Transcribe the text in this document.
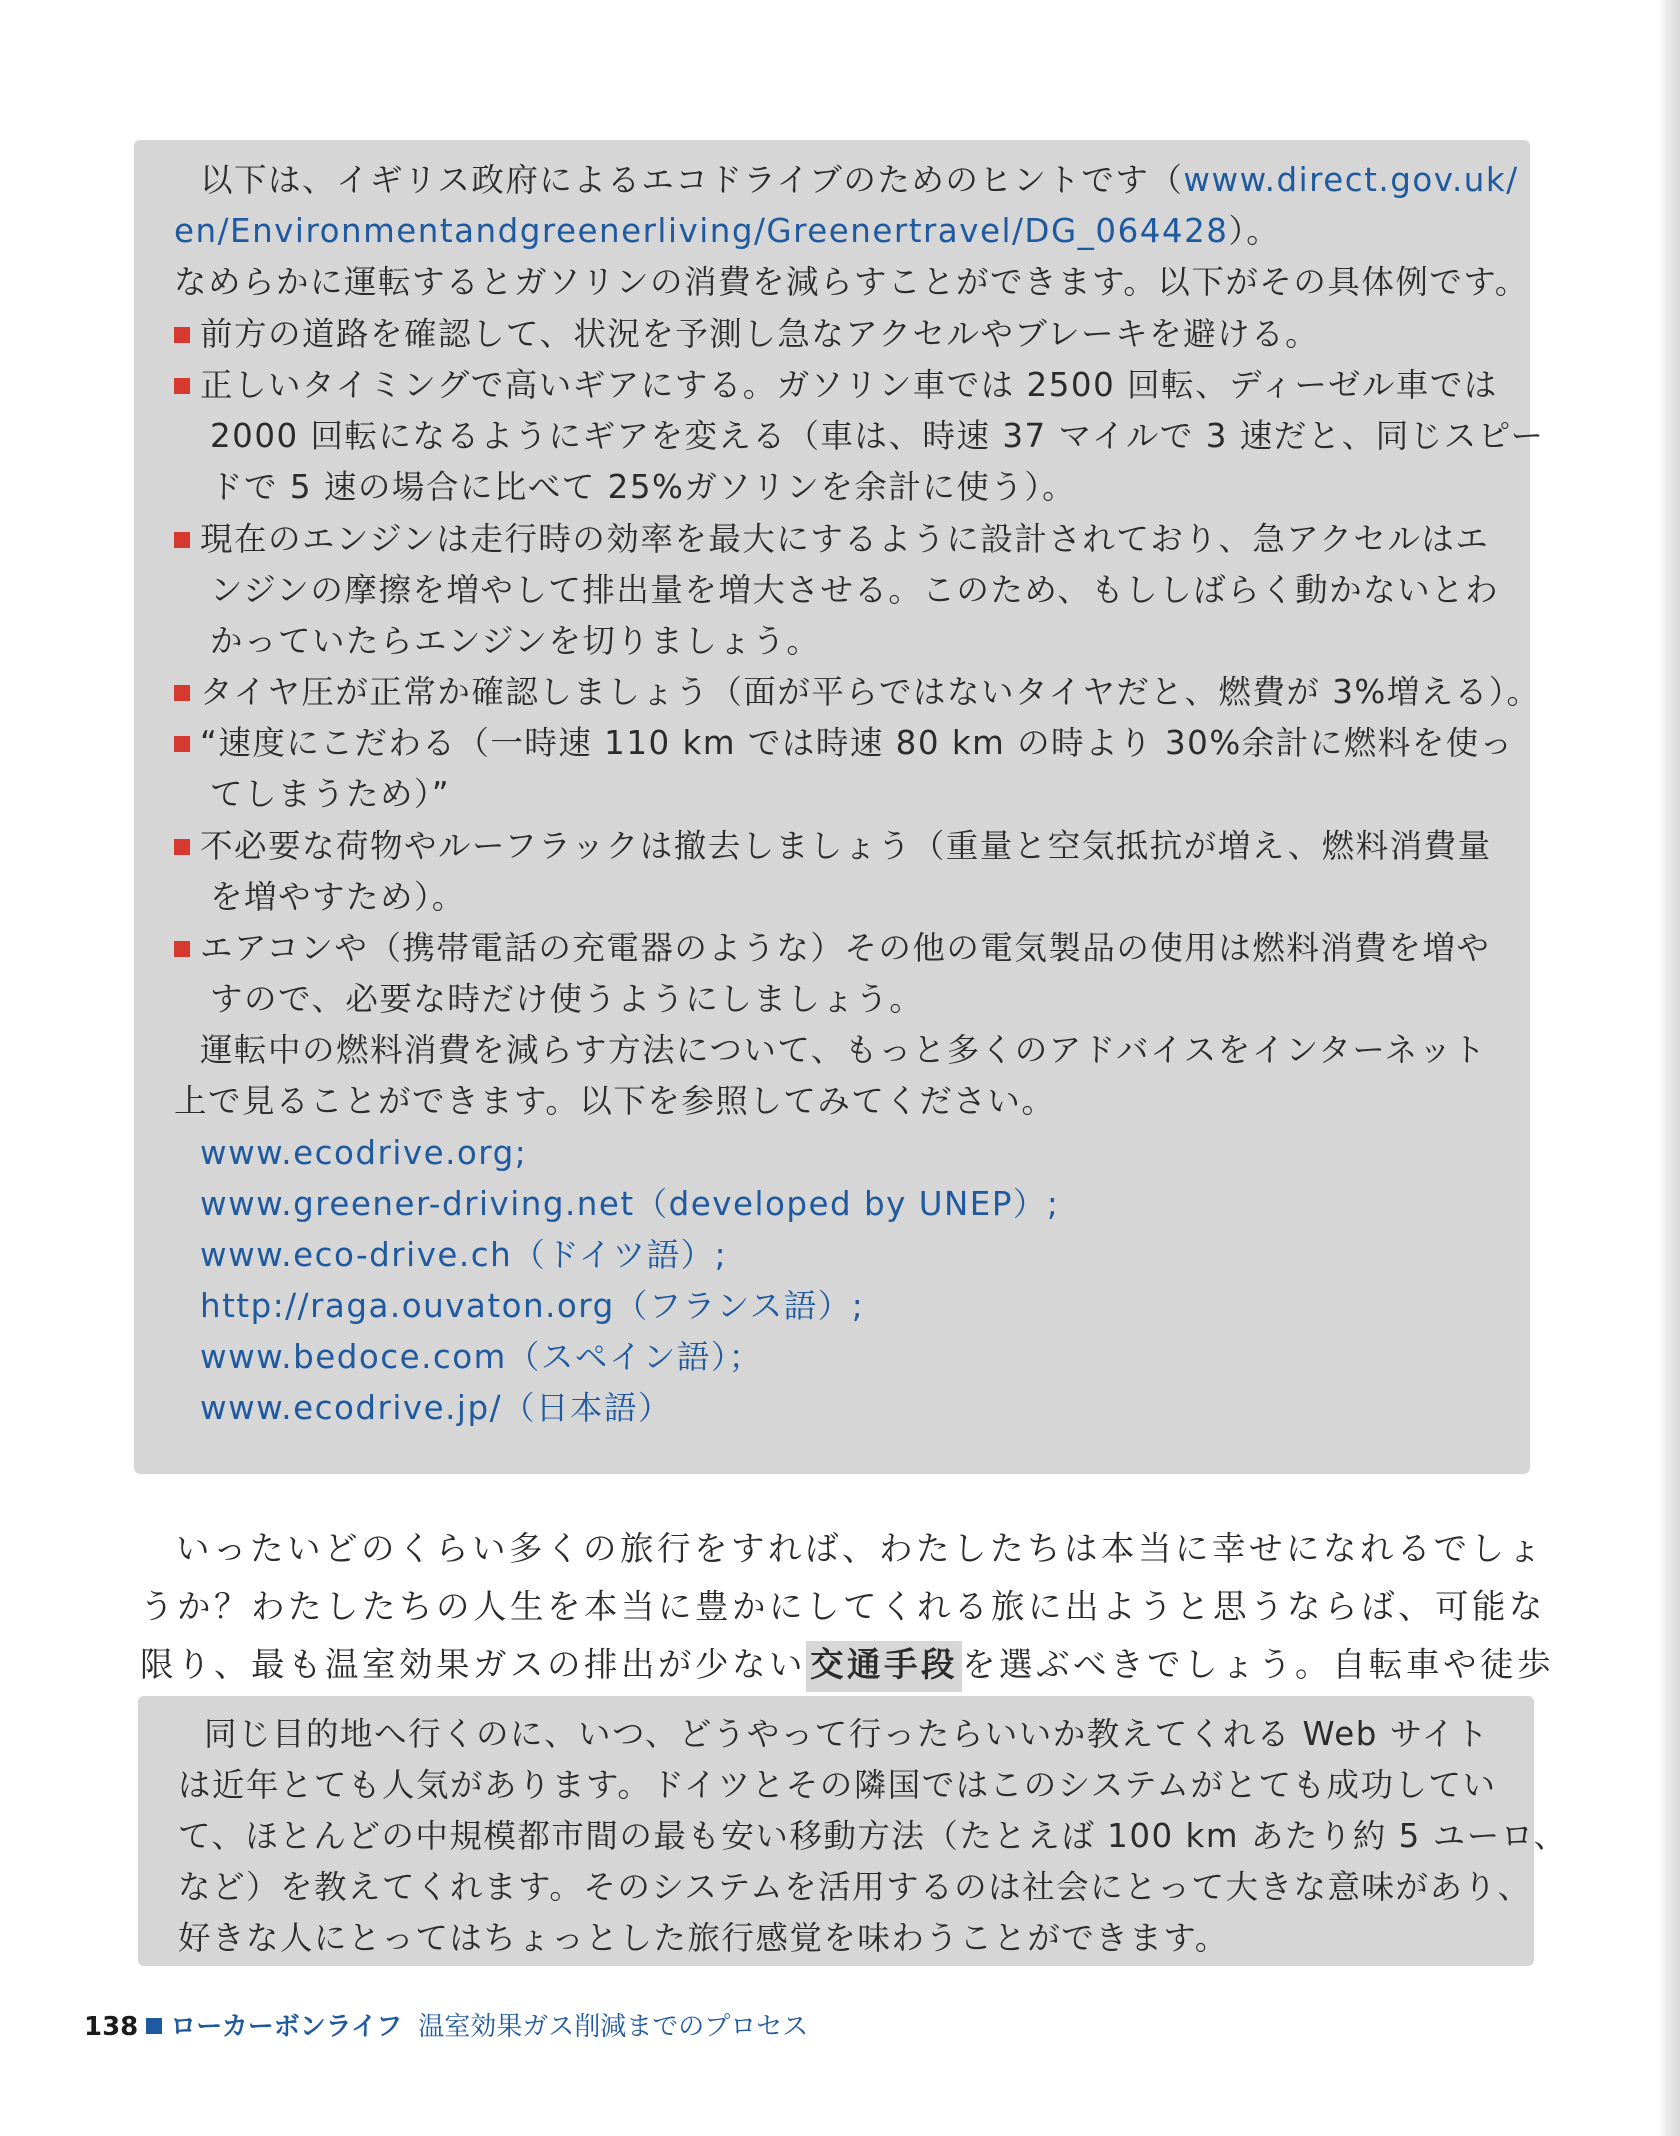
以下は、イギリス政府によるエコドライブのためのヒントです（www.direct.gov.uk/
en/Environmentandgreenerliving/Greenertravel/DG_064428）。
なめらかに運転するとガソリンの消費を減らすことができます。以下がその具体例です。
前方の道路を確認して、状況を予測し急なアクセルやブレーキを避ける。
正しいタイミングで高いギアにする。ガソリン車では 2500 回転、ディーゼル車では
2000 回転になるようにギアを変える（車は、時速 37 マイルで 3 速だと、同じスピー
ドで 5 速の場合に比べて 25%ガソリンを余計に使う）。
現在のエンジンは走行時の効率を最大にするように設計されており、急アクセルはエ
ンジンの摩擦を増やして排出量を増大させる。このため、もししばらく動かないとわ
かっていたらエンジンを切りましょう。
タイヤ圧が正常か確認しましょう（面が平らではないタイヤだと、燃費が 3%増える）。
“速度にこだわる（一時速 110 km では時速 80 km の時より 30%余計に燃料を使っ
てしまうため）”
不必要な荷物やルーフラックは撤去しましょう（重量と空気抵抗が増え、燃料消費量
を増やすため）。
エアコンや（携帯電話の充電器のような）その他の電気製品の使用は燃料消費を増や
すので、必要な時だけ使うようにしましょう。
運転中の燃料消費を減らす方法について、もっと多くのアドバイスをインターネット
上で見ることができます。以下を参照してみてください。
www.ecodrive.org;
www.greener-driving.net（developed by UNEP）;
www.eco-drive.ch（ドイツ語）;
http://raga.ouvaton.org（フランス語）;
www.bedoce.com（スペイン語）；
www.ecodrive.jp/（日本語）
いったいどのくらい多くの旅行をすれば、わたしたちは本当に幸せになれるでしょ
うか？わたしたちの人生を本当に豊かにしてくれる旅に出ようと思うならば、可能な
限り、最も温室効果ガスの排出が少ない 交通手段 を選ぶべきでしょう。自転車や徒歩
同じ目的地へ行くのに、いつ、どうやって行ったらいいか教えてくれる Web サイト
は近年とても人気があります。ドイツとその隣国ではこのシステムがとても成功してい
て、ほとんどの中規模都市間の最も安い移動方法（たとえば 100 km あたり約 5 ユーロ、
など）を教えてくれます。そのシステムを活用するのは社会にとって大きな意味があり、
好きな人にとってはちょっとした旅行感覚を味わうことができます。
138 ローカーボンライフ 温室効果ガス削減までのプロセス
